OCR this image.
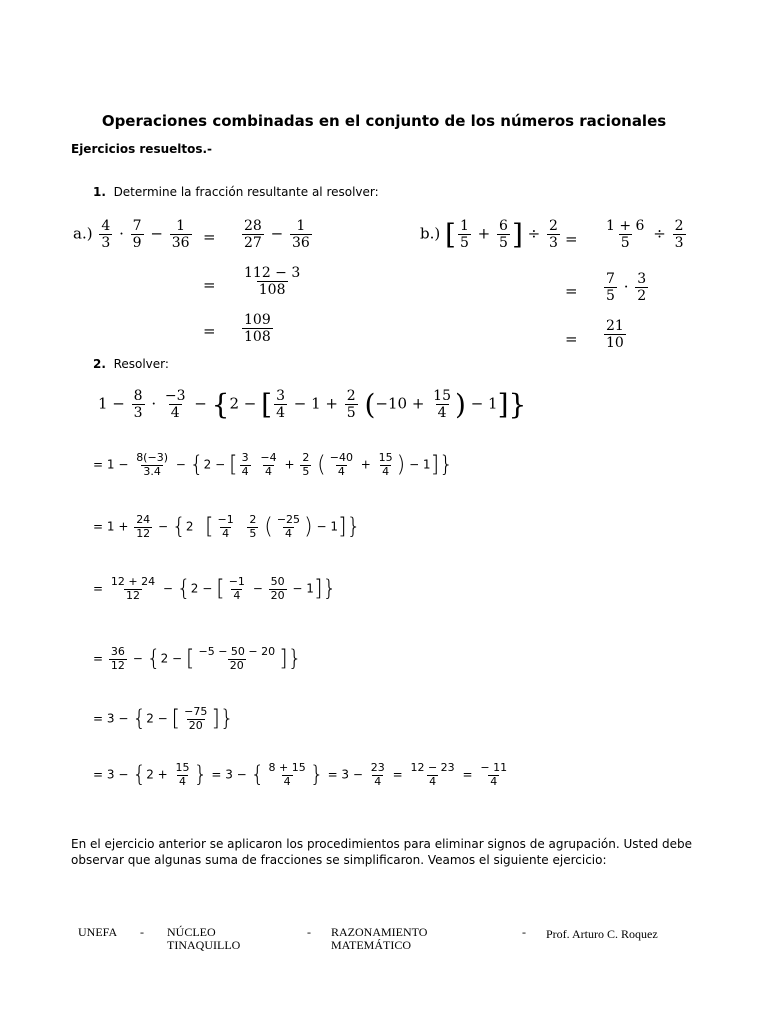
Operaciones combinadas en el conjunto de los números racionales
Ejercicios resueltos.-
1. Determine la fracción resultante al resolver:
$a.) \frac{4}{3} \cdot \frac{7}{9} - \frac{1}{36} = \frac{28}{27} - \frac{1}{36}$
= $\frac{112 - 3}{108}$
= $\frac{109}{108}$
b.) [ $\frac{1}{5} + \frac{6}{5}$ ] ÷ $\frac{2}{3} = \frac{1 + 6}{5} \div \frac{2}{3}$
= $\frac{7}{5} \cdot \frac{3}{2}$
= $\frac{21}{10}$
2. Resolver:
$1 - \frac{8}{3} \cdot \frac{-3}{4} - \{2$ − [ $\frac{3}{4} - 1 + \frac{2}{5} (-10 + \frac{15}{4}$ ) − 1]}
= $1 - \frac{8(-3)}{3.4} - \{2$ − [ $\frac{3}{4}$
$\frac{-4}{4} + \frac{2}{5}$ ( $\frac{-40}{4} + \frac{15}{4}$ ) − 1]}
= $1 + \frac{24}{12} - \{2$   [ $\frac{-1}{4}$
$\frac{2}{5}$ ( $\frac{-25}{4}$ ) − 1]}
= $\frac{12 + 24}{12} - \{2$ − [ $\frac{-1}{4} - \frac{50}{20} - 1$]}
= $\frac{36}{12} - \{2$ − [ $\frac{-5 - 50 - 20}{20}$ ]}
= 3 − {2 − [ $\frac{-75}{20}$ ]}
= $3 - \{2 + \frac{15}{4}$ } = 3 − { $\frac{8 + 15}{4}$ } = $3 - \frac{23}{4} = \frac{12 - 23}{4} = \frac{- 11}{4}$
En el ejercicio anterior se aplicaron los procedimientos para eliminar signos de agrupación. Usted debe observar que algunas suma de fracciones se simplificaron. Veamos el siguiente ejercicio:
UNEFA - NÚCLEO TINAQUILLO
- RAZONAMIENTO MATEMÁTICO
- Prof. Arturo C. Roquez
